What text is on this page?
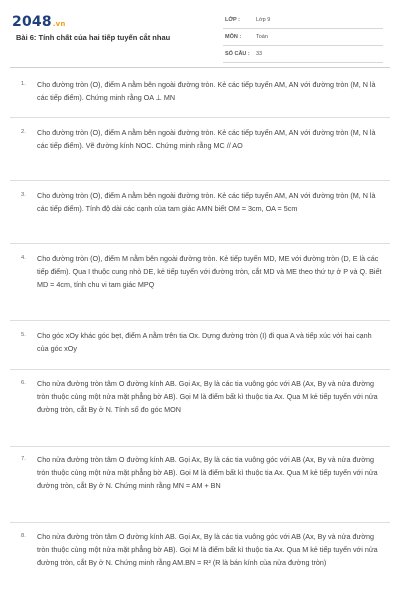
2048.vn
Bài 6: Tính chất của hai tiếp tuyến cắt nhau
LỚP :	Lớp 9
MÔN :	Toán
SỐ CÂU : 33
1. Cho đường tròn (O), điểm A nằm bên ngoài đường tròn. Kẻ các tiếp tuyến AM, AN với đường tròn (M, N là các tiếp điểm). Chứng minh rằng OA ⊥ MN
2. Cho đường tròn (O), điểm A nằm bên ngoài đường tròn. Kẻ các tiếp tuyến AM, AN với đường tròn (M, N là các tiếp điểm). Vẽ đường kính NOC. Chứng minh rằng MC // AO
3. Cho đường tròn (O), điểm A nằm bên ngoài đường tròn. Kẻ các tiếp tuyến AM, AN với đường tròn (M, N là các tiếp điểm). Tính độ dài các cạnh của tam giác AMN biết OM = 3cm, OA = 5cm
4. Cho đường tròn (O), điểm M nằm bên ngoài đường tròn. Kẻ tiếp tuyến MD, ME với đường tròn (D, E là các tiếp điểm). Qua I thuộc cung nhỏ DE, kẻ tiếp tuyến với đường tròn, cắt MD và ME theo thứ tự ở P và Q. Biết MD = 4cm, tính chu vi tam giác MPQ
5. Cho góc xOy khác góc bẹt, điểm A nằm trên tia Ox. Dựng đường tròn (I) đi qua A và tiếp xúc với hai cạnh của góc xOy
6. Cho nửa đường tròn tâm O đường kính AB. Gọi Ax, By là các tia vuông góc với AB (Ax, By và nửa đường tròn thuộc cùng một nửa mặt phẳng bờ AB). Gọi M là điểm bất kì thuộc tia Ax. Qua M kẻ tiếp tuyến với nửa đường tròn, cắt By ở N. Tính số đo góc MON
7. Cho nửa đường tròn tâm O đường kính AB. Gọi Ax, By là các tia vuông góc với AB (Ax, By và nửa đường tròn thuộc cùng một nửa mặt phẳng bờ AB). Gọi M là điểm bất kì thuộc tia Ax. Qua M kẻ tiếp tuyến với nửa đường tròn, cắt By ở N. Chứng minh rằng MN = AM + BN
8. Cho nửa đường tròn tâm O đường kính AB. Gọi Ax, By là các tia vuông góc với AB (Ax, By và nửa đường tròn thuộc cùng một nửa mặt phẳng bờ AB). Gọi M là điểm bất kì thuộc tia Ax. Qua M kẻ tiếp tuyến với nửa đường tròn, cắt By ở N. Chứng minh rằng AM.BN = R² (R là bán kính của nửa đường tròn)
